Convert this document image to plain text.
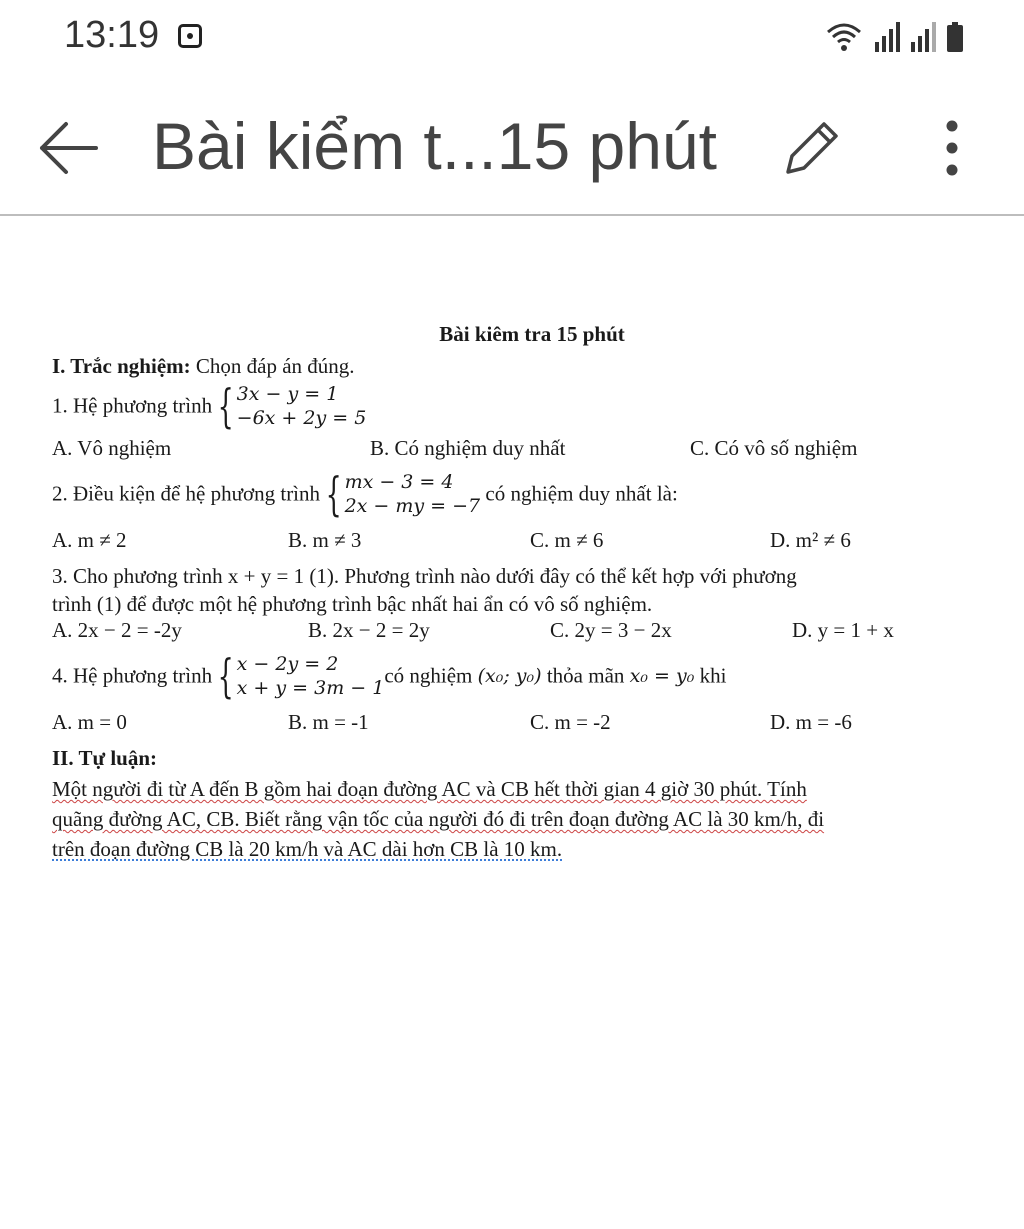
13:19
Bài kiểm t...15 phút
Bài kiêm tra 15 phút
I. Trắc nghiệm: Chọn đáp án đúng.
1. Hệ phương trình { 3x − y = 1
−6x + 2y = 5
A. Vô nghiệm	B. Có nghiệm duy nhất	C. Có vô số nghiệm
2. Điều kiện để hệ phương trình { mx − 3 = 4
2x − my = −7
có nghiệm duy nhất là:
A. m ≠ 2	B. m ≠ 3	C. m ≠ 6	D. m² ≠ 6
3. Cho phương trình x + y = 1 (1). Phương trình nào dưới đây có thể kết hợp với phương
trình (1) để được một hệ phương trình bậc nhất hai ẩn có vô số nghiệm.
A. 2x − 2 = -2y	B. 2x − 2 = 2y	C. 2y = 3 − 2x	D. y = 1 + x
4. Hệ phương trình { x − 2y = 2
x + y = 3m − 1
có nghiệm (x₀; y₀) thỏa mãn x₀ = y₀ khi
A. m = 0	B. m = -1	C. m = -2	D. m = -6
II. Tự luận:
Một người đi từ A đến B gồm hai đoạn đường AC và CB hết thời gian 4 giờ 30 phút. Tính
quãng đường AC, CB. Biết rằng vận tốc của người đó đi trên đoạn đường AC là 30 km/h, đi
trên đoạn đường CB là 20 km/h và AC dài hơn CB là 10 km.
